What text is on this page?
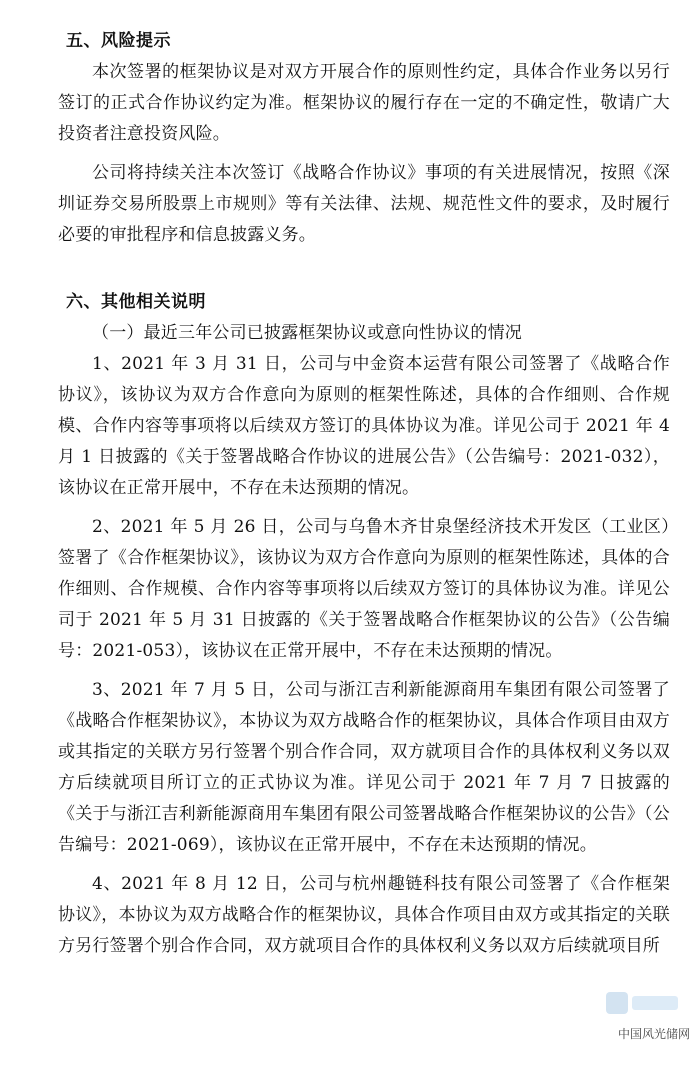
五、风险提示

本次签署的框架协议是对双方开展合作的原则性约定，具体合作业务以另行签订的正式合作协议约定为准。框架协议的履行存在一定的不确定性，敬请广大投资者注意投资风险。

公司将持续关注本次签订《战略合作协议》事项的有关进展情况，按照《深圳证券交易所股票上市规则》等有关法律、法规、规范性文件的要求，及时履行必要的审批程序和信息披露义务。

六、其他相关说明

（一）最近三年公司已披露框架协议或意向性协议的情况

1、2021 年 3 月 31 日，公司与中金资本运营有限公司签署了《战略合作协议》，该协议为双方合作意向为原则的框架性陈述，具体的合作细则、合作规模、合作内容等事项将以后续双方签订的具体协议为准。详见公司于 2021 年 4 月 1 日披露的《关于签署战略合作协议的进展公告》（公告编号：2021-032），该协议在正常开展中，不存在未达预期的情况。

2、2021 年 5 月 26 日，公司与乌鲁木齐甘泉堡经济技术开发区（工业区）签署了《合作框架协议》，该协议为双方合作意向为原则的框架性陈述，具体的合作细则、合作规模、合作内容等事项将以后续双方签订的具体协议为准。详见公司于 2021 年 5 月 31 日披露的《关于签署战略合作框架协议的公告》（公告编号：2021-053），该协议在正常开展中，不存在未达预期的情况。

3、2021 年 7 月 5 日，公司与浙江吉利新能源商用车集团有限公司签署了《战略合作框架协议》，本协议为双方战略合作的框架协议，具体合作项目由双方或其指定的关联方另行签署个别合作合同，双方就项目合作的具体权利义务以双方后续就项目所订立的正式协议为准。详见公司于 2021 年 7 月 7 日披露的《关于与浙江吉利新能源商用车集团有限公司签署战略合作框架协议的公告》（公告编号：2021-069），该协议在正常开展中，不存在未达预期的情况。

4、2021 年 8 月 12 日，公司与杭州趣链科技有限公司签署了《合作框架协议》，本协议为双方战略合作的框架协议，具体合作项目由双方或其指定的关联方另行签署个别合作合同，双方就项目合作的具体权利义务以双方后续就项目所

中国风光储网
